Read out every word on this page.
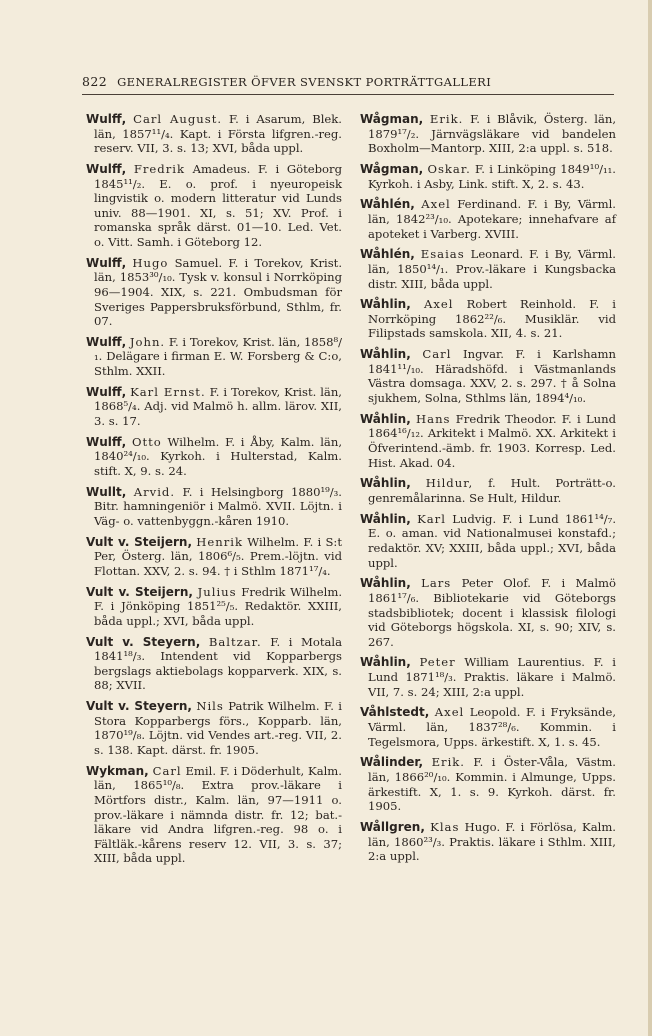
822 GENERALREGISTER ÖFVER SVENSKT PORTRÄTTGALLERI
Wulff, Carl August. F. i Asarum, Blek. län, 1857¹¹/₄. Kapt. i Första lifgren.-reg. reserv. VII, 3. s. 13; XVI, båda uppl.
Wulff, Fredrik Amadeus. F. i Göteborg 1845¹¹/₂. E. o. prof. i nyeuropeisk lingvistik o. modern litteratur vid Lunds univ. 88—1901. XI, s. 51; XV. Prof. i romanska språk därst. 01—10. Led. Vet. o. Vitt. Samh. i Göteborg 12.
Wulff, Hugo Samuel. F. i Torekov, Krist. län, 1853³⁰/₁₀. Tysk v. konsul i Norrköping 96—1904. XIX, s. 221. Ombudsman för Sveriges Pappersbruksförbund, Sthlm, fr. 07.
Wulff, John. F. i Torekov, Krist. län, 1858⁸/₁. Delägare i firman E. W. Forsberg & C:o, Sthlm. XXII.
Wulff, Karl Ernst. F. i Torekov, Krist. län, 1868⁵/₄. Adj. vid Malmö h. allm. lärov. XII, 3. s. 17.
Wulff, Otto Wilhelm. F. i Åby, Kalm. län, 1840²⁴/₁₀. Kyrkoh. i Hulterstad, Kalm. stift. X, 9. s. 24.
Wullt, Arvid. F. i Helsingborg 1880¹⁹/₃. Bitr. hamningeniör i Malmö. XVII. Löjtn. i Väg- o. vattenbyggn.-kåren 1910.
Vult v. Steijern, Henrik Wilhelm. F. i S:t Per, Österg. län, 1806⁶/₅. Prem.-löjtn. vid Flottan. XXV, 2. s. 94. † i Sthlm 1871¹⁷/₄.
Vult v. Steijern, Julius Fredrik Wilhelm. F. i Jönköping 1851²⁵/₅. Redaktör. XXIII, båda uppl.; XVI, båda uppl.
Vult v. Steyern, Baltzar. F. i Motala 1841¹⁸/₃. Intendent vid Kopparbergs bergslags aktiebolags kopparverk. XIX, s. 88; XVII.
Vult v. Steyern, Nils Patrik Wilhelm. F. i Stora Kopparbergs förs., Kopparb. län, 1870¹⁹/₈. Löjtn. vid Vendes art.-reg. VII, 2. s. 138. Kapt. därst. fr. 1905.
Wykman, Carl Emil. F. i Döderhult, Kalm. län, 1865¹⁰/₈. Extra prov.-läkare i Mörtfors distr., Kalm. län, 97—1911 o. prov.-läkare i nämnda distr. fr. 12; bat.-läkare vid Andra lifgren.-reg. 98 o. i Fältläk.-kårens reserv 12. VII, 3. s. 37; XIII, båda uppl.
Wågman, Erik. F. i Blåvik, Österg. län, 1879¹⁷/₂. Järnvägsläkare vid bandelen Boxholm—Mantorp. XIII, 2:a uppl. s. 518.
Wågman, Oskar. F. i Linköping 1849¹⁰/₁₁. Kyrkoh. i Asby, Link. stift. X, 2. s. 43.
Wåhlén, Axel Ferdinand. F. i By, Värml. län, 1842²³/₁₀. Apotekare; innehafvare af apoteket i Varberg. XVIII.
Wåhlén, Esaias Leonard. F. i By, Värml. län, 1850¹⁴/₁. Prov.-läkare i Kungsbacka distr. XIII, båda uppl.
Wåhlin, Axel Robert Reinhold. F. i Norrköping 1862²²/₆. Musiklär. vid Filipstads samskola. XII, 4. s. 21.
Wåhlin, Carl Ingvar. F. i Karlshamn 1841¹¹/₁₀. Häradshöfd. i Västmanlands Västra domsaga. XXV, 2. s. 297. † å Solna sjukhem, Solna, Sthlms län, 1894⁴/₁₀.
Wåhlin, Hans Fredrik Theodor. F. i Lund 1864¹⁶/₁₂. Arkitekt i Malmö. XX. Arkitekt i Öfverintend.-ämb. fr. 1903. Korresp. Led. Hist. Akad. 04.
Wåhlin, Hildur, f. Hult. Porträtt-o. genremålarinna. Se Hult, Hildur.
Wåhlin, Karl Ludvig. F. i Lund 1861¹⁴/₇. E. o. aman. vid Nationalmusei konstafd.; redaktör. XV; XXIII, båda uppl.; XVI, båda uppl.
Wåhlin, Lars Peter Olof. F. i Malmö 1861¹⁷/₆. Bibliotekarie vid Göteborgs stadsbibliotek; docent i klassisk filologi vid Göteborgs högskola. XI, s. 90; XIV, s. 267.
Wåhlin, Peter William Laurentius. F. i Lund 1871¹⁸/₃. Praktis. läkare i Malmö. VII, 7. s. 24; XIII, 2:a uppl.
Våhlstedt, Axel Leopold. F. i Fryksände, Värml. län, 1837²⁸/₆. Kommin. i Tegelsmora, Upps. ärkestift. X, 1. s. 45.
Wålinder, Erik. F. i Öster-Våla, Västm. län, 1866²⁰/₁₀. Kommin. i Almunge, Upps. ärkestift. X, 1. s. 9. Kyrkoh. därst. fr. 1905.
Wållgren, Klas Hugo. F. i Förlösa, Kalm. län, 1860²³/₃. Praktis. läkare i Sthlm. XIII, 2:a uppl.
